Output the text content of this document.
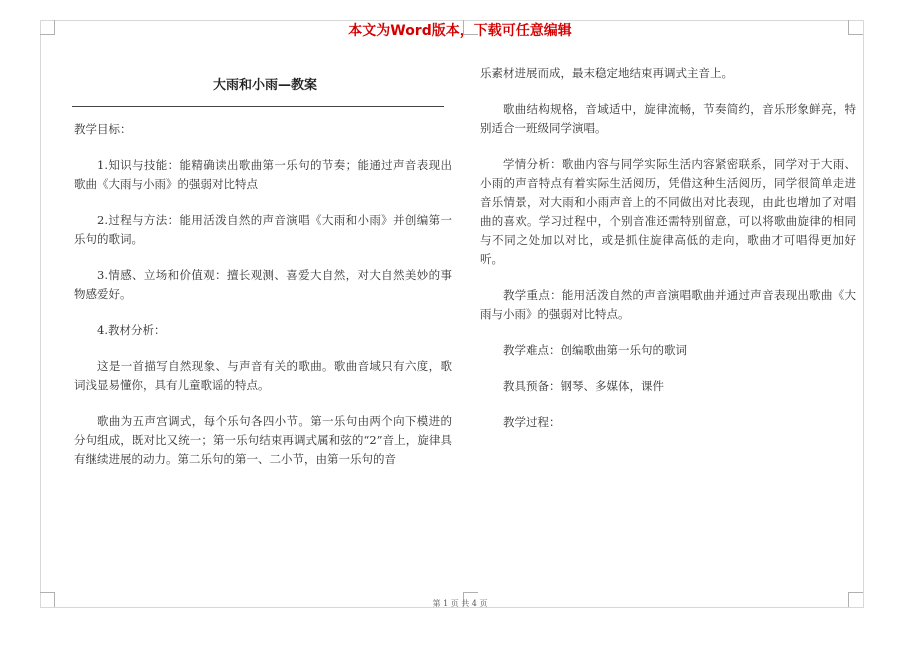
本文为Word版本，下载可任意编辑
大雨和小雨—教案

教学目标：

1.知识与技能：能精确读出歌曲第一乐句的节奏；能通过声音表现出歌曲《大雨与小雨》的强弱对比特点

2.过程与方法：能用活泼自然的声音演唱《大雨和小雨》并创编第一乐句的歌词。

3.情感、立场和价值观：擅长观测、喜爱大自然，对大自然美妙的事物感爱好。

4.教材分析：

这是一首描写自然现象、与声音有关的歌曲。歌曲音域只有六度，歌词浅显易懂你，具有儿童歌谣的特点。

歌曲为五声宫调式，每个乐句各四小节。第一乐句由两个向下模进的分句组成，既对比又统一；第一乐句结束再调式属和弦的“2”音上，旋律具有继续进展的动力。第二乐句的第一、二小节，由第一乐句的音

乐素材进展而成，最末稳定地结束再调式主音上。

歌曲结构规格，音域适中，旋律流畅，节奏简约，音乐形象鲜亮，特别适合一班级同学演唱。

学情分析：歌曲内容与同学实际生活内容紧密联系，同学对于大雨、小雨的声音特点有着实际生活阅历，凭借这种生活阅历，同学很简单走进音乐情景，对大雨和小雨声音上的不同做出对比表现，由此也增加了对唱曲的喜欢。学习过程中，个别音准还需特别留意，可以将歌曲旋律的相同与不同之处加以对比，或是抓住旋律高低的走向，歌曲才可唱得更加好听。

教学重点：能用活泼自然的声音演唱歌曲并通过声音表现出歌曲《大雨与小雨》的强弱对比特点。

教学难点：创编歌曲第一乐句的歌词

教具预备：钢琴、多媒体，课件

教学过程：

第 1 页 共 4 页
